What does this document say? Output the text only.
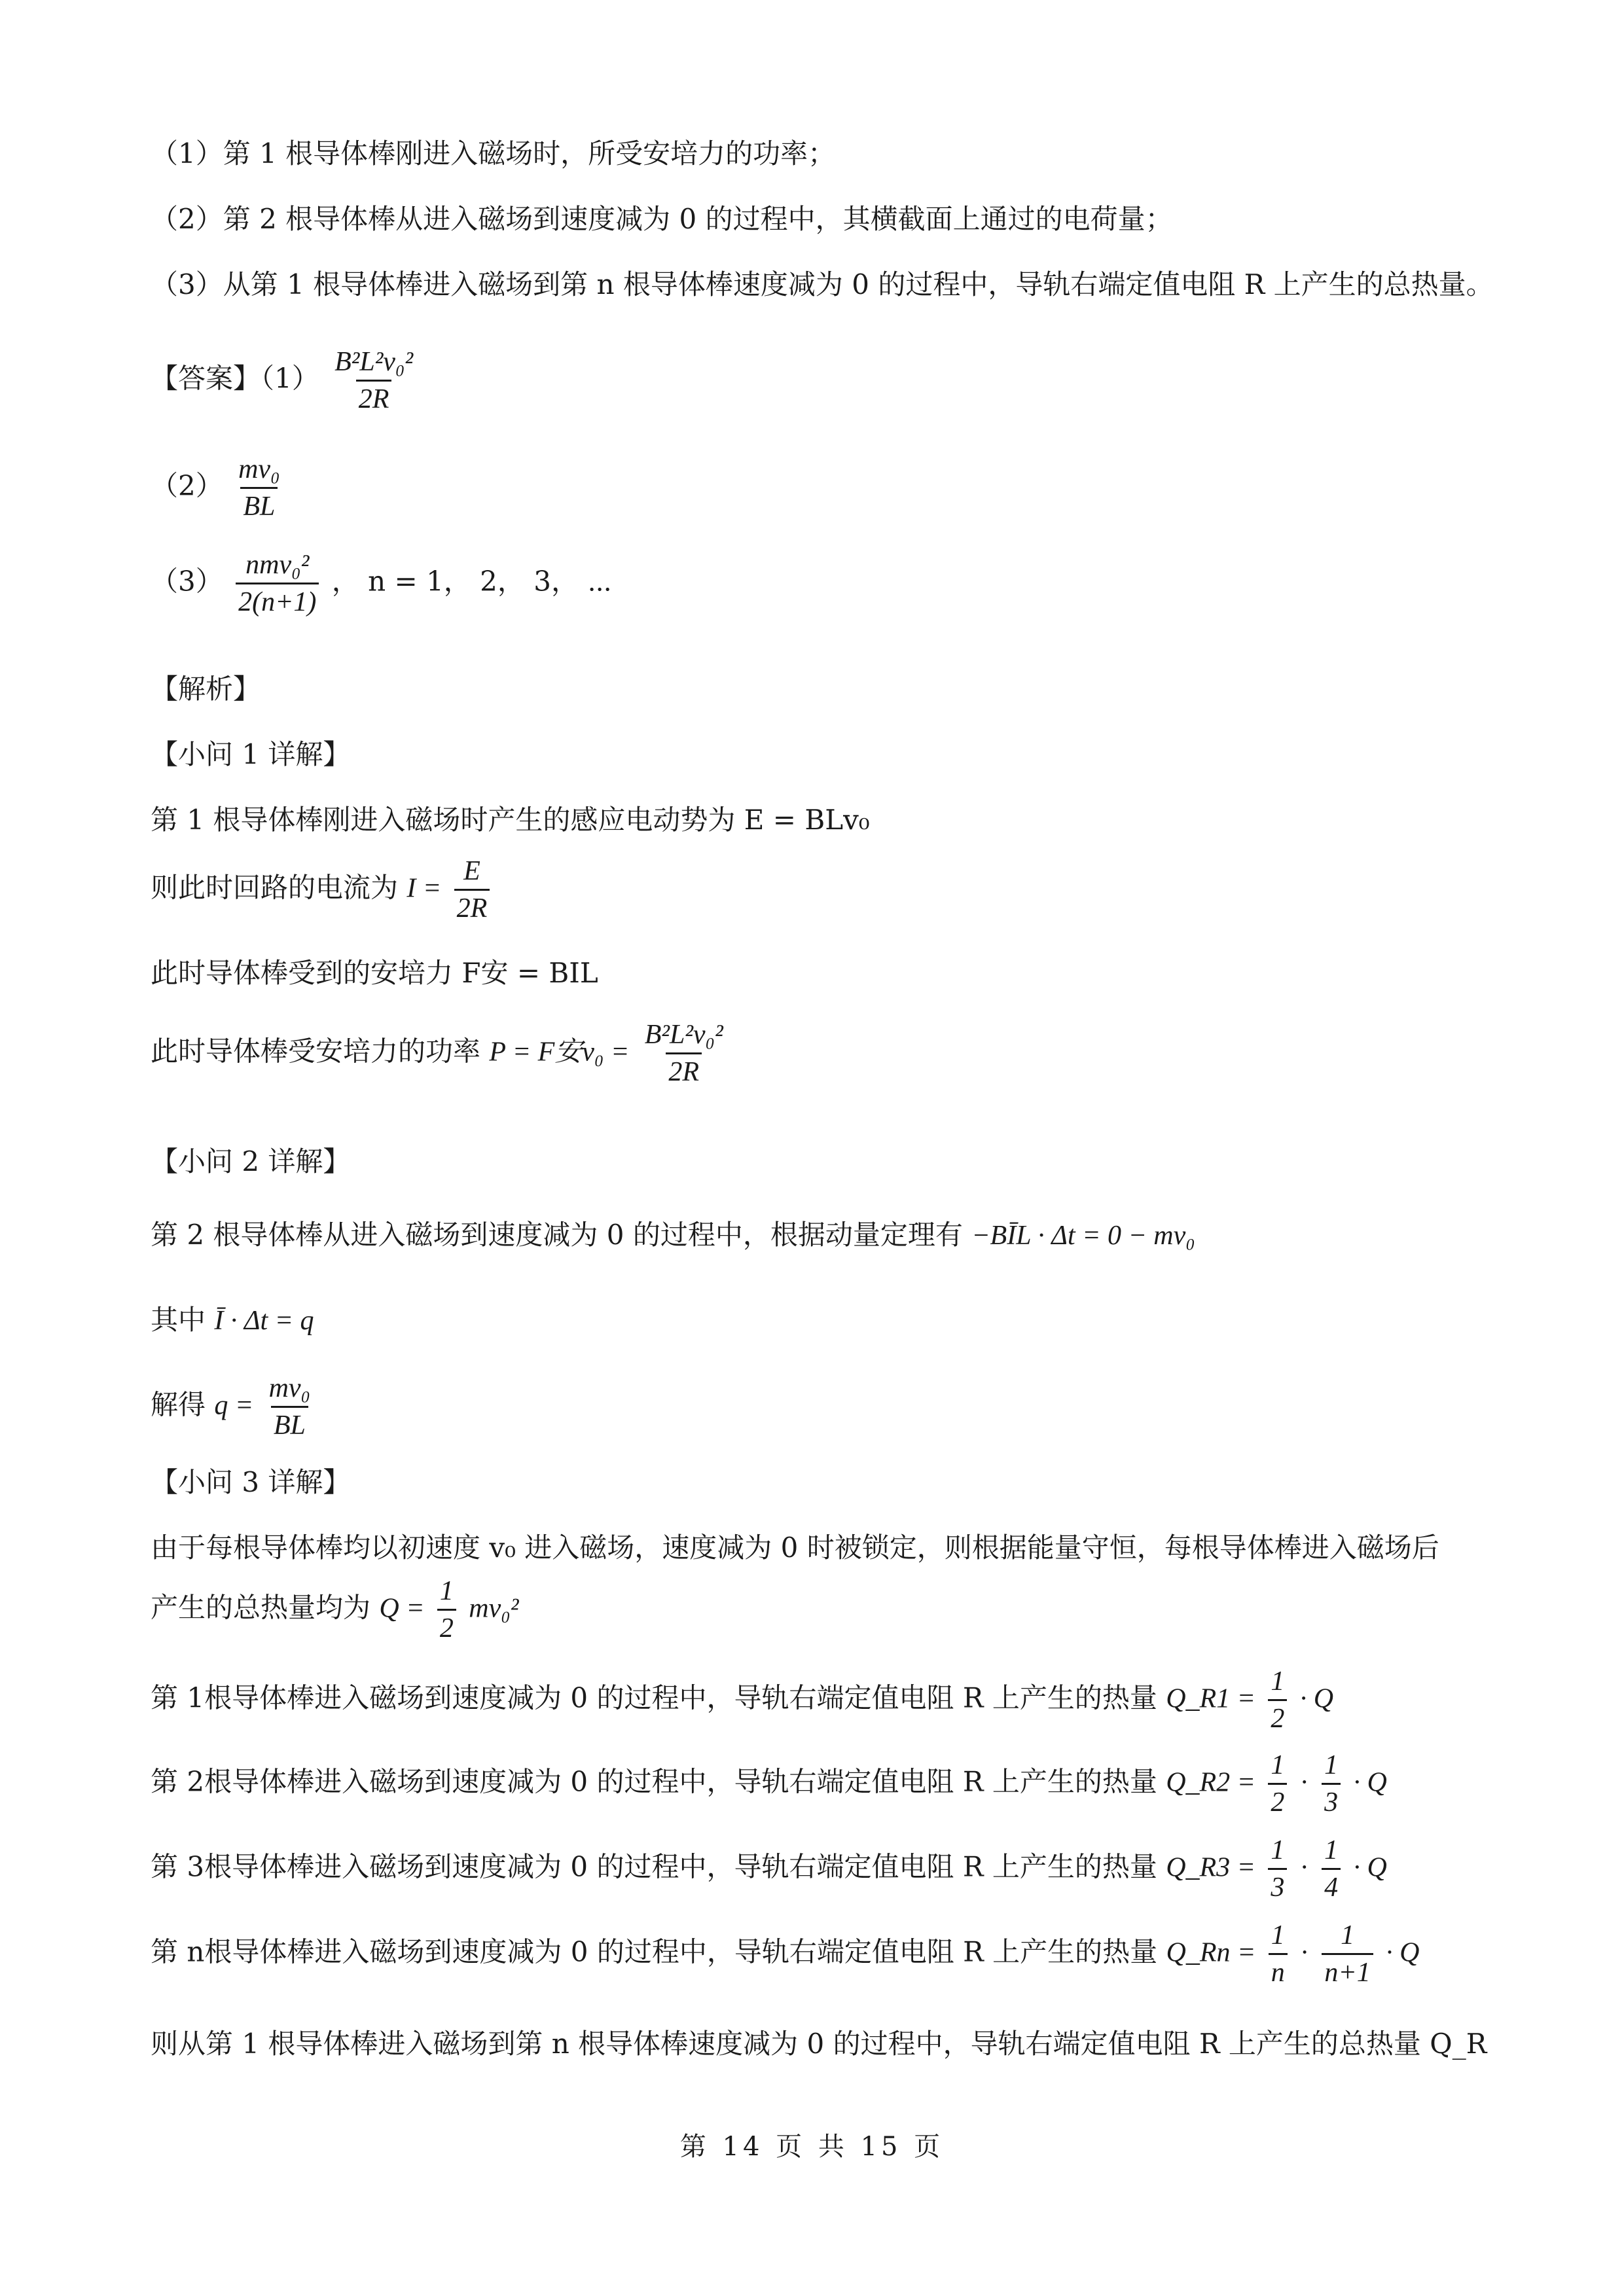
（1）第 1 根导体棒刚进入磁场时，所受安培力的功率；
（2）第 2 根导体棒从进入磁场到速度减为 0 的过程中，其横截面上通过的电荷量；
（3）从第 1 根导体棒进入磁场到第 n 根导体棒速度减为 0 的过程中，导轨右端定值电阻 R 上产生的总热量。
【答案】$(1) \frac{\text{B²L²v₀²}}{2R}$
$(2) \frac{\text{mv₀}}{BL}$
$(3) \frac{\text{nmv₀²}}{2(n+1)}$ ， n = 1， 2， 3， ⋯
【解析】
【小问 1 详解】
第 1 根导体棒刚进入磁场时产生的感应电动势为 E = BLv₀
则此时回路的电流为 $I = \frac{E}{2R}$
此时导体棒受到的安培力 F安 = BIL
此时导体棒受安培力的功率 P = F安$v_0 = \frac{\text{B²L²v₀²}}{2R}$
【小问 2 详解】
第 2 根导体棒从进入磁场到速度减为 0 的过程中，根据动量定理有 −BĪL · Δt = 0 − mv₀
其中 Ī · Δt = q
解得 $q = \frac{\text{mv₀}}{BL}$
【小问 3 详解】
由于每根导体棒均以初速度 v₀ 进入磁场，速度减为 0 时被锁定，则根据能量守恒，每根导体棒进入磁场后
产生的总热量均为 $Q = \frac{1}{2} mv_0^2$
第 1根导体棒进入磁场到速度减为 0 的过程中，导轨右端定值电阻 R 上产生的热量 Q_R1 = $\frac{1}{2} \cdot Q$
第 2根导体棒进入磁场到速度减为 0 的过程中，导轨右端定值电阻 R 上产生的热量 Q_R2 = $\frac{1}{2} \cdot \frac{1}{3} \cdot Q$
第 3根导体棒进入磁场到速度减为 0 的过程中，导轨右端定值电阻 R 上产生的热量 Q_R3 = $\frac{1}{3} \cdot \frac{1}{4} \cdot Q$
第 n根导体棒进入磁场到速度减为 0 的过程中，导轨右端定值电阻 R 上产生的热量 Q_Rn = $\frac{1}{n} \cdot \frac{1}{n+1} \cdot Q$
则从第 1 根导体棒进入磁场到第 n 根导体棒速度减为 0 的过程中，导轨右端定值电阻 R 上产生的总热量 Q_R
第 14 页 共 15 页
